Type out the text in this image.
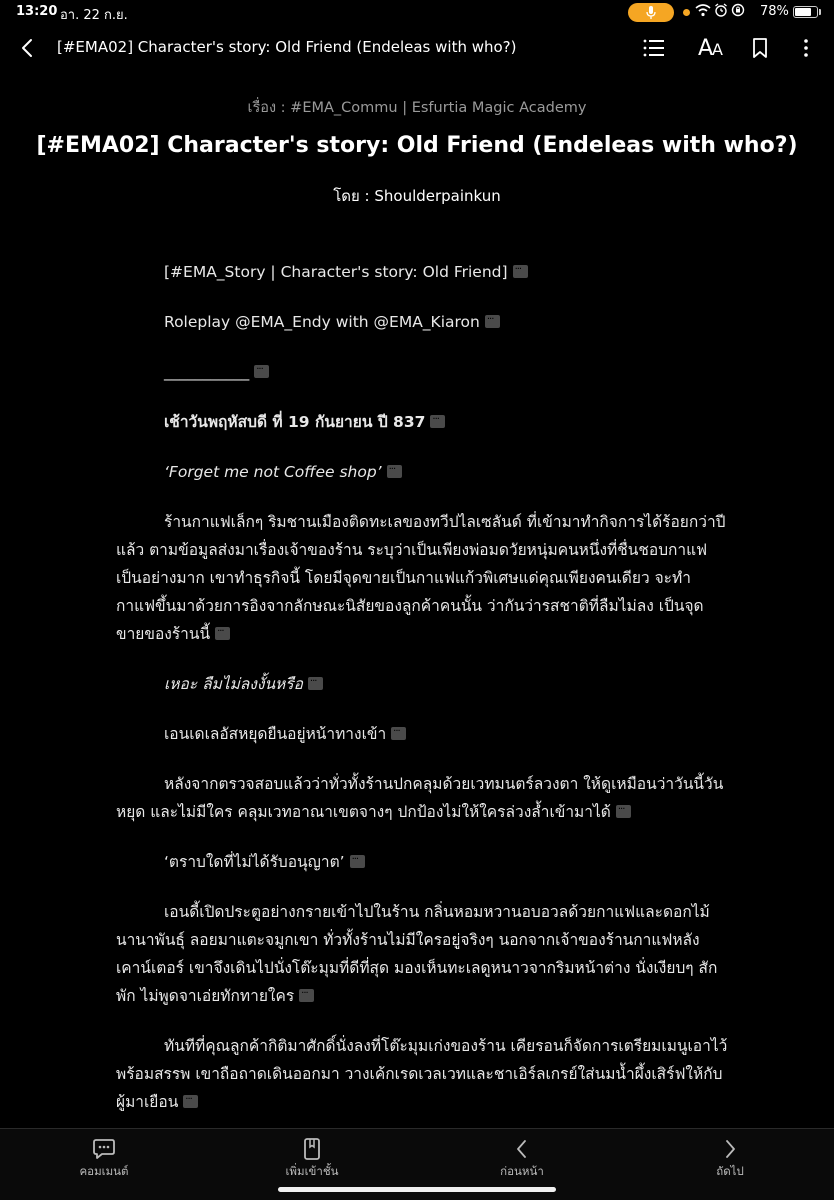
13:20 อา. 22 ก.ย.	78%
[#EMA02] Character's story: Old Friend (Endeleas with who?)	AA
เรื่อง : #EMA_Commu | Esfurtia Magic Academy
[#EMA02] Character's story: Old Friend (Endeleas with who?)
โดย : Shoulderpainkun

[#EMA_Story | Character's story: Old Friend]···

Roleplay @EMA_Endy with @EMA_Kiaron···

___________···

เช้าวันพฤหัสบดี ที่ 19 กันยายน ปี 837···

‘Forget me not Coffee shop’···

ร้านกาแฟเล็กๆ ริมชานเมืองติดทะเลของทวีปไลเซลันด์ ที่เข้ามาทำกิจการได้ร้อยกว่าปีแล้ว ตามข้อมูลส่งมาเรื่องเจ้าของร้าน ระบุว่าเป็นเพียงพ่อมดวัยหนุ่มคนหนึ่งที่ชื่นชอบกาแฟเป็นอย่างมาก เขาทำธุรกิจนี้ โดยมีจุดขายเป็นกาแฟแก้วพิเศษแด่คุณเพียงคนเดียว จะทำกาแฟขึ้นมาด้วยการอิงจากลักษณะนิสัยของลูกค้าคนนั้น ว่ากันว่ารสชาติที่ลืมไม่ลง เป็นจุดขายของร้านนี้···

เหอะ ลืมไม่ลงงั้นหรือ···

เอนเดเลอัสหยุดยืนอยู่หน้าทางเข้า···

หลังจากตรวจสอบแล้วว่าทั่วทั้งร้านปกคลุมด้วยเวทมนตร์ลวงตา ให้ดูเหมือนว่าวันนี้วันหยุด และไม่มีใคร คลุมเวทอาณาเขตจางๆ ปกป้องไม่ให้ใครล่วงล้ำเข้ามาได้···

‘ตราบใดที่ไม่ได้รับอนุญาต’···

เอนดี้เปิดประตูอย่างกรายเข้าไปในร้าน กลิ่นหอมหวานอบอวลด้วยกาแฟและดอกไม้นานาพันธุ์ ลอยมาแตะจมูกเขา ทั่วทั้งร้านไม่มีใครอยู่จริงๆ นอกจากเจ้าของร้านกาแฟหลังเคาน์เตอร์ เขาจึงเดินไปนั่งโต๊ะมุมที่ดีที่สุด มองเห็นทะเลดูหนาวจากริมหน้าต่าง นั่งเงียบๆ สักพัก ไม่พูดจาเอ่ยทักทายใคร···

ทันทีที่คุณลูกค้ากิติมาศักดิ์นั่งลงที่โต๊ะมุมเก่งของร้าน เคียรอนก็จัดการเตรียมเมนูเอาไว้พร้อมสรรพ เขาถือถาดเดินออกมา วางเค้กเรดเวลเวทและชาเอิร์ลเกรย์ใส่นมน้ำผึ้งเสิร์ฟให้กับผู้มาเยือน···

คอมเมนต์	เพิ่มเข้าชั้น	ก่อนหน้า	ถัดไป
